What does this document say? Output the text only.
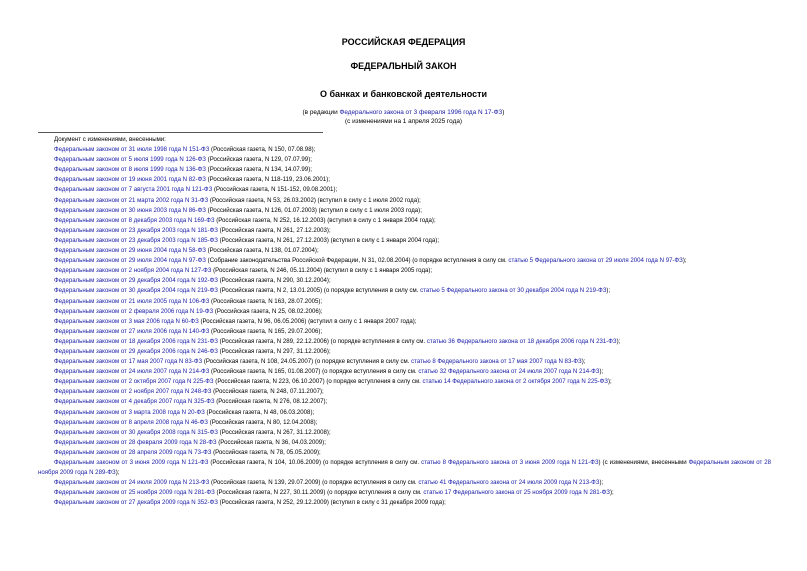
РОССИЙСКАЯ ФЕДЕРАЦИЯ
ФЕДЕРАЛЬНЫЙ ЗАКОН
О банках и банковской деятельности
(в редакции Федерального закона от 3 февраля 1996 года N 17-ФЗ)
(с изменениями на 1 апреля 2025 года)
Документ с изменениями, внесенными:
Федеральным законом от 31 июля 1998 года N 151-ФЗ (Российская газета, N 150, 07.08.98);
Федеральным законом от 5 июля 1999 года N 126-ФЗ (Российская газета, N 129, 07.07.99);
Федеральным законом от 8 июля 1999 года N 136-ФЗ (Российская газета, N 134, 14.07.99);
Федеральным законом от 19 июня 2001 года N 82-ФЗ (Российская газета, N 118-119, 23.06.2001);
Федеральным законом от 7 августа 2001 года N 121-ФЗ (Российская газета, N 151-152, 09.08.2001);
Федеральным законом от 21 марта 2002 года N 31-ФЗ (Российская газета, N 53, 26.03.2002) (вступил в силу с 1 июля 2002 года);
Федеральным законом от 30 июня 2003 года N 86-ФЗ (Российская газета, N 126, 01.07.2003) (вступил в силу с 1 июля 2003 года);
Федеральным законом от 8 декабря 2003 года N 169-ФЗ (Российская газета, N 252, 16.12.2003) (вступил в силу с 1 января 2004 года);
Федеральным законом от 23 декабря 2003 года N 181-ФЗ (Российская газета, N 261, 27.12.2003);
Федеральным законом от 23 декабря 2003 года N 185-ФЗ (Российская газета, N 261, 27.12.2003) (вступил в силу с 1 января 2004 года);
Федеральным законом от 29 июня 2004 года N 58-ФЗ (Российская газета, N 138, 01.07.2004);
Федеральным законом от 29 июля 2004 года N 97-ФЗ (Собрание законодательства Российской Федерации, N 31, 02.08.2004) (о порядке вступления в силу см. статью 5 Федерального закона от 29 июля 2004 года N 97-ФЗ);
Федеральным законом от 2 ноября 2004 года N 127-ФЗ (Российская газета, N 246, 05.11.2004) (вступил в силу с 1 января 2005 года);
Федеральным законом от 29 декабря 2004 года N 192-ФЗ (Российская газета, N 290, 30.12.2004);
Федеральным законом от 30 декабря 2004 года N 219-ФЗ (Российская газета, N 2, 13.01.2005) (о порядке вступления в силу см. статью 5 Федерального закона от 30 декабря 2004 года N 219-ФЗ);
Федеральным законом от 21 июля 2005 года N 106-ФЗ (Российская газета, N 163, 28.07.2005);
Федеральным законом от 2 февраля 2006 года N 19-ФЗ (Российская газета, N 25, 08.02.2006);
Федеральным законом от 3 мая 2006 года N 60-ФЗ (Российская газета, N 96, 06.05.2006) (вступил в силу с 1 января 2007 года);
Федеральным законом от 27 июля 2006 года N 140-ФЗ (Российская газета, N 165, 29.07.2006);
Федеральным законом от 18 декабря 2006 года N 231-ФЗ (Российская газета, N 289, 22.12.2006) (о порядке вступления в силу см. статью 36 Федерального закона от 18 декабря 2006 года N 231-ФЗ);
Федеральным законом от 29 декабря 2006 года N 246-ФЗ (Российская газета, N 297, 31.12.2006);
Федеральным законом от 17 мая 2007 года N 83-ФЗ (Российская газета, N 108, 24.05.2007) (о порядке вступления в силу см. статью 8 Федерального закона от 17 мая 2007 года N 83-ФЗ);
Федеральным законом от 24 июля 2007 года N 214-ФЗ (Российская газета, N 165, 01.08.2007) (о порядке вступления в силу см. статью 32 Федерального закона от 24 июля 2007 года N 214-ФЗ);
Федеральным законом от 2 октября 2007 года N 225-ФЗ (Российская газета, N 223, 06.10.2007) (о порядке вступления в силу см. статью 14 Федерального закона от 2 октября 2007 года N 225-ФЗ);
Федеральным законом от 2 ноября 2007 года N 248-ФЗ (Российская газета, N 248, 07.11.2007);
Федеральным законом от 4 декабря 2007 года N 325-ФЗ (Российская газета, N 276, 08.12.2007);
Федеральным законом от 3 марта 2008 года N 20-ФЗ (Российская газета, N 48, 06.03.2008);
Федеральным законом от 8 апреля 2008 года N 46-ФЗ (Российская газета, N 80, 12.04.2008);
Федеральным законом от 30 декабря 2008 года N 315-ФЗ (Российская газета, N 267, 31.12.2008);
Федеральным законом от 28 февраля 2009 года N 28-ФЗ (Российская газета, N 36, 04.03.2009);
Федеральным законом от 28 апреля 2009 года N 73-ФЗ (Российская газета, N 78, 05.05.2009);
Федеральным законом от 3 июня 2009 года N 121-ФЗ (Российская газета, N 104, 10.06.2009) (о порядке вступления в силу см. статью 8 Федерального закона от 3 июня 2009 года N 121-ФЗ) (с изменениями, внесенными Федеральным законом от 28 ноября 2009 года N 289-ФЗ);
Федеральным законом от 24 июля 2009 года N 213-ФЗ (Российская газета, N 139, 29.07.2009) (о порядке вступления в силу см. статью 41 Федерального закона от 24 июля 2009 года N 213-ФЗ);
Федеральным законом от 25 ноября 2009 года N 281-ФЗ (Российская газета, N 227, 30.11.2009) (о порядке вступления в силу см. статью 17 Федерального закона от 25 ноября 2009 года N 281-ФЗ);
Федеральным законом от 27 декабря 2009 года N 352-ФЗ (Российская газета, N 252, 29.12.2009) (вступил в силу с 31 декабря 2009 года);
